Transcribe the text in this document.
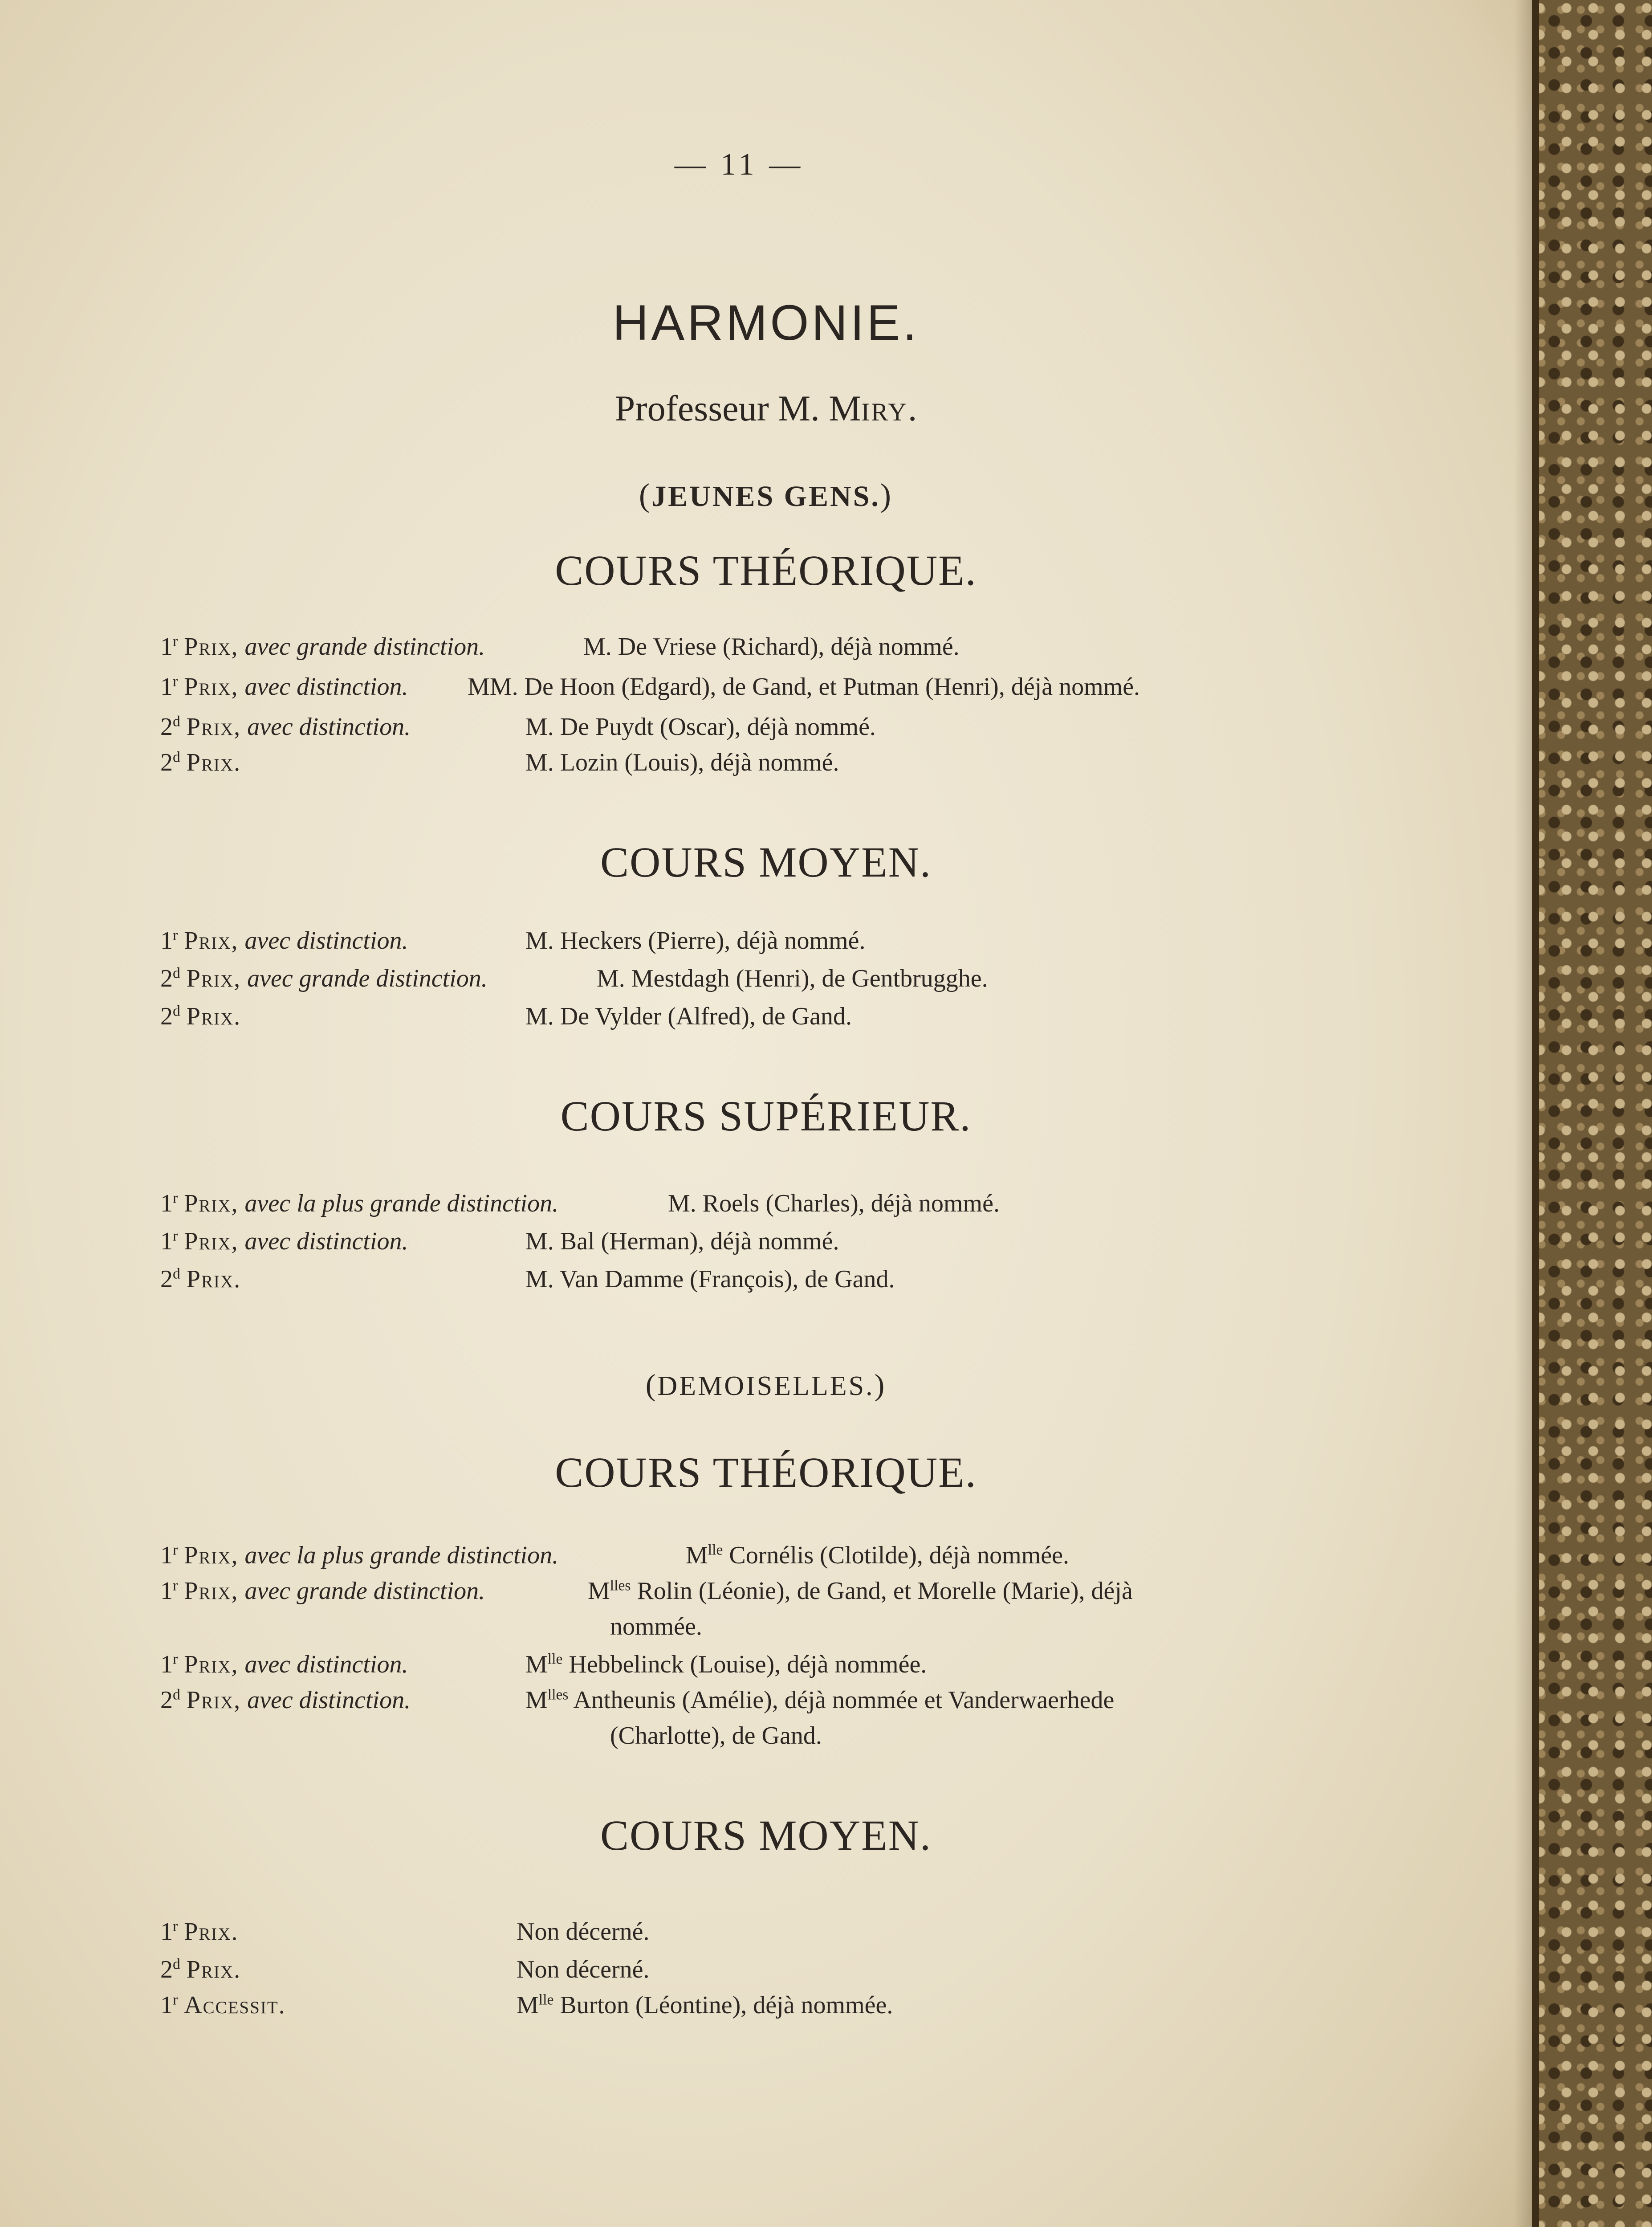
— 11 —
HARMONIE.
Professeur M. MIRY.
(JEUNES GENS.)
COURS THÉORIQUE.
1$^r$ Prix, avec grande distinction.	M. De Vriese (Richard), déjà nommé.
1$^r$ Prix, avec distinction. MM. De Hoon (Edgard), de Gand, et Putman (Henri), déjà nommé.
2$^d$ Prix, avec distinction.	M. De Puydt (Oscar), déjà nommé.
2$^d$ Prix.	M. Lozin (Louis), déjà nommé.
COURS MOYEN.
1$^r$ Prix, avec distinction.	M. Heckers (Pierre), déjà nommé.
2$^d$ Prix, avec grande distinction.	M. Mestdagh (Henri), de Gentbrugghe.
2$^d$ Prix.	M. De Vylder (Alfred), de Gand.
COURS SUPÉRIEUR.
1$^r$ Prix, avec la plus grande distinction.	M. Roels (Charles), déjà nommé.
1$^r$ Prix, avec distinction.	M. Bal (Herman), déjà nommé.
2$^d$ Prix.	M. Van Damme (François), de Gand.
(DEMOISELLES.)
COURS THÉORIQUE.
1$^r$ Prix, avec la plus grande distinction.	$M^{lle}$ Cornélis (Clotilde), déjà nommée.
1$^r$ Prix, avec grande distinction.	$M^{lles}$ Rolin (Léonie), de Gand, et Morelle (Marie), déjà
nommée.
1$^r$ Prix, avec distinction.	$M^{lle}$ Hebbelinck (Louise), déjà nommée.
2$^d$ Prix, avec distinction.	$M^{lles}$ Antheunis (Amélie), déjà nommée et Vanderwaerhede
(Charlotte), de Gand.
COURS MOYEN.
1$^r$ Prix.	Non décerné.
2$^d$ Prix.	Non décerné.
1$^r$ Accessit.	$M^{lle}$ Burton (Léontine), déjà nommée.
